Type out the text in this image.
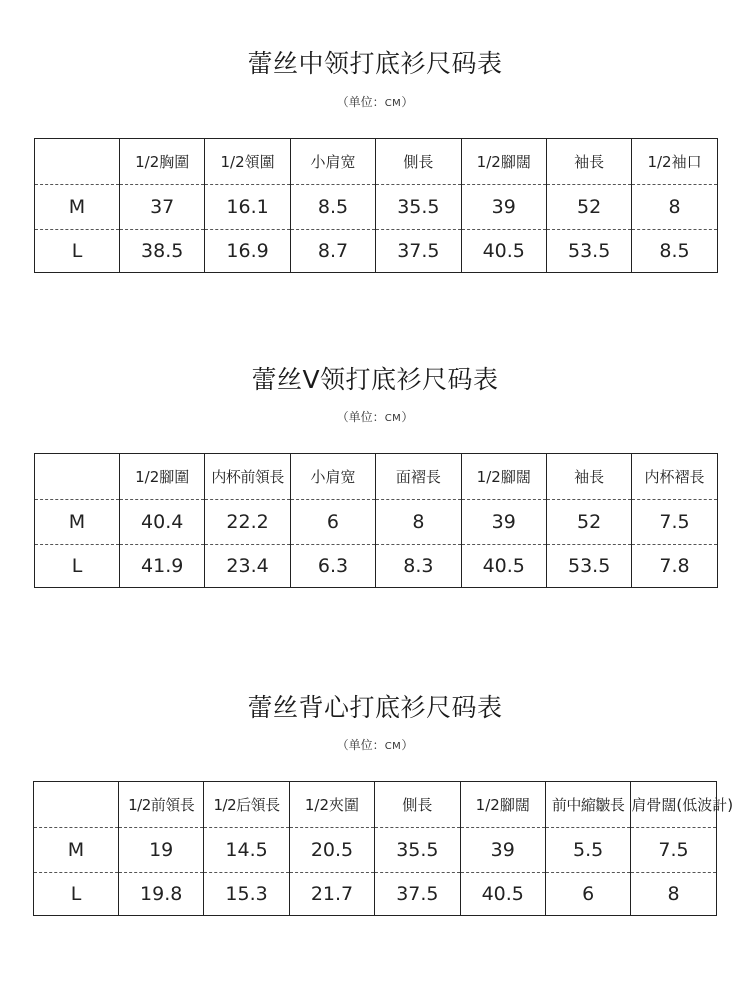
蕾丝中领打底衫尺码表
（单位：CM）
	1/2胸圍	1/2領圍	小肩宽	側長	1/2腳闊	袖長	1/2袖口
M	37	16.1	8.5	35.5	39	52	8
L	38.5	16.9	8.7	37.5	40.5	53.5	8.5
蕾丝V领打底衫尺码表
（单位：CM）
	1/2腳圍	内杯前領長	小肩宽	面褶長	1/2腳闊	袖長	内杯褶長
M	40.4	22.2	6	8	39	52	7.5
L	41.9	23.4	6.3	8.3	40.5	53.5	7.8
蕾丝背心打底衫尺码表
（单位：CM）
	1/2前領長	1/2后領長	1/2夾圍	側長	1/2腳闊	前中縮皺長	肩骨闊(低波計)
M	19	14.5	20.5	35.5	39	5.5	7.5
L	19.8	15.3	21.7	37.5	40.5	6	8
